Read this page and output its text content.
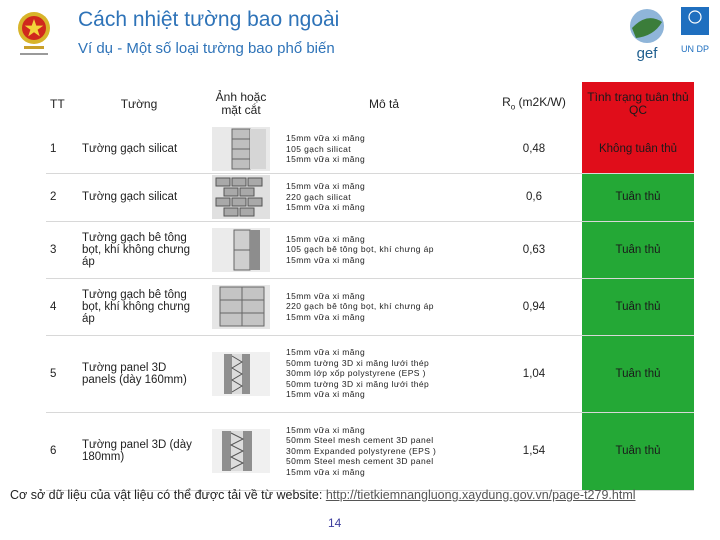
Cách nhiệt tường bao ngoài
Ví dụ - Một số loại tường bao phổ biến	gef	UN DP
TT	Tường	Ảnh hoặc mặt cắt	Mô tả	$R_o$ (m2K/W)	Tình trạng tuân thủ QC
1	Tường gạch silicat		15mm vữa xi măng
105 gạch silicat
15mm vữa xi măng	0,48	Không tuân thủ
2	Tường gạch silicat		15mm vữa xi măng
220 gạch silicat
15mm vữa xi măng	0,6	Tuân thủ
3	Tường gạch bê tông bọt, khí không chưng áp		15mm vữa xi măng
105 gạch bê tông bọt, khí chưng áp
15mm vữa xi măng	0,63	Tuân thủ
4	Tường gạch bê tông bọt, khí không chưng áp		15mm vữa xi măng
220 gạch bê tông bọt, khí chưng áp
15mm vữa xi măng	0,94	Tuân thủ
5	Tường panel 3D panels (dày 160mm)		15mm vữa xi măng
50mm tường 3D xi măng lưới thép
30mm lớp xốp polystyrene (EPS )
50mm tường 3D xi măng lưới thép
15mm vữa xi măng	1,04	Tuân thủ
6	Tường panel 3D (dày 180mm)		15mm vữa xi măng
50mm Steel mesh cement 3D panel
30mm Expanded polystyrene (EPS )
50mm Steel mesh cement 3D panel
15mm vữa xi măng	1,54	Tuân thủ
Cơ sở dữ liệu của vật liệu có thể được tải về từ website: http://tietkiemnangluong.xaydung.gov.vn/page-t279.html
14
